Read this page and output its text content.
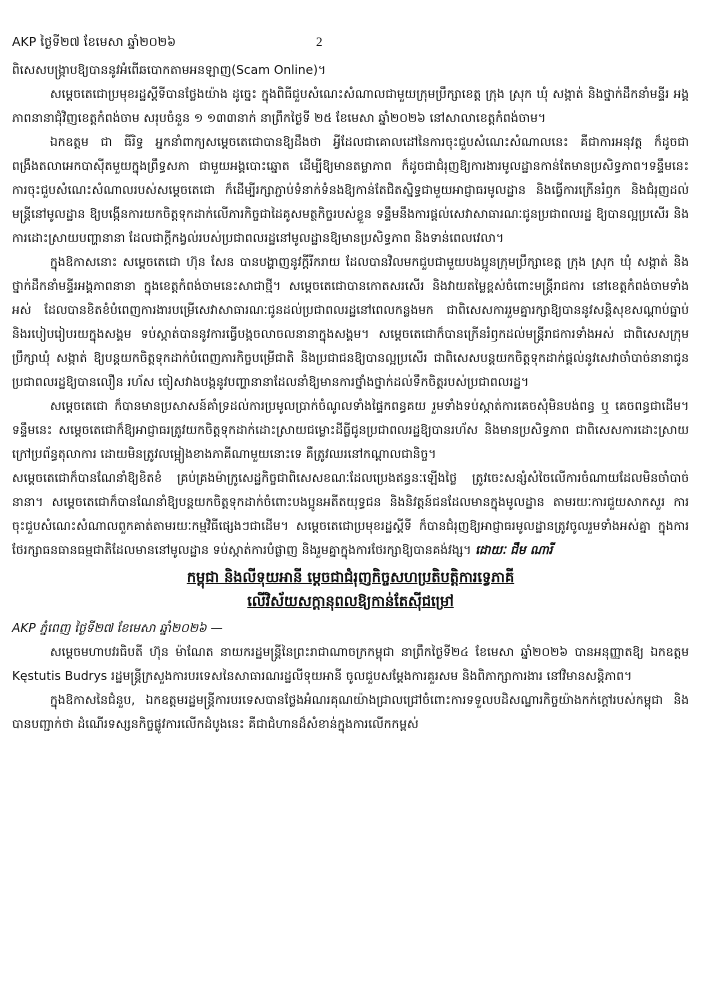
AKP ថ្ងៃទី២៧ ខែមេសា ឆ្នាំ២០២៦	2

ពិសេសបង្ក្រាបឱ្យបាននូវអំពើឆបោកតាមអនឡាញ(Scam Online)។

សម្តេចតេជោប្រមុខរដ្ឋស្តីទីបានថ្លែងយ៉ាង ដូច្នេះ ក្នុងពិធីជួបសំណេះសំណាលជាមួយក្រុមប្រឹក្សាខេត្ត ក្រុង ស្រុក ឃុំ សង្កាត់ និងថ្នាក់ដឹកនាំមន្ទីរ អង្គភាពនានាជុំវិញខេត្តកំពង់ចាម សរុបចំនួន ១ ១៣៣នាក់ នាព្រឹកថ្ងៃទី ២៥ ខែមេសា ឆ្នាំ២០២៦ នៅសាលាខេត្តកំពង់ចាម។

ឯកឧត្តម ជា ធីរិទ្ធ អ្នកនាំពាក្យសម្តេចតេជោបានឱ្យដឹងថា អ្វីដែលជាគោលដៅនៃការចុះជួបសំណេះសំណាលនេះ គឺជាការអនុវត្ត ក៏ដូចជាពង្រឹងតលាអេកបាស៊ីតមួយក្នុងព្រឹទ្ធសភា ជាមួយអង្គបោះឆ្នោត ដើម្បីឱ្យមានតម្លាភាព ក៏ដូចជាជំរុញឱ្យការងារមូលដ្ឋានកាន់តែមានប្រសិទ្ធភាព។ទន្ទឹមនេះ ការចុះជួបសំណេះសំណាលរបស់សម្តេចតេជោ ក៏ដើម្បីរក្សាភ្ជាប់ទំនាក់ទំនងឱ្យកាន់តែជិតស្និទ្ធជាមួយអាជ្ញាធរមូលដ្ឋាន និងធ្វើការក្រើនរំឭក និងជំរុញដល់មន្ត្រីនៅមូលដ្ឋាន ឱ្យបង្កើនការយកចិត្តទុកដាក់លើភារកិច្ចជាដៃគូសមត្ថកិច្ចរបស់ខ្លួន ទន្ទឹមនឹងការផ្តល់សេវាសាធារណៈជូនប្រជាពលរដ្ឋ ឱ្យបានល្អប្រសើរ និងការដោះស្រាយបញ្ហានានា ដែលជាក្តីកង្វល់របស់ប្រជាពលរដ្ឋនៅមូលដ្ឋានឱ្យមានប្រសិទ្ធភាព និងទាន់ពេលវេលា។

ក្នុងឱកាសនោះ សម្តេចតេជោ ហ៊ុន សែន បានបង្ហាញនូវក្តីរីករាយ ដែលបានវិលមកជួបជាមួយបងប្អូនក្រុមប្រឹក្សាខេត្ត ក្រុង ស្រុក ឃុំ សង្កាត់ និងថ្នាក់ដឹកនាំមន្ទីរអង្គភាពនានា ក្នុងខេត្តកំពង់ចាមនេះសាជាថ្មី។ សម្តេចតេជោបានកោតសរសើរ និងវាយតម្លៃខ្ពស់ចំពោះមន្ត្រីរាជការ នៅខេត្តកំពង់ចាមទាំងអស់ ដែលបានខិតខំបំពេញការងារបម្រើសេវាសាធារណៈជូនដល់ប្រជាពលរដ្ឋនៅពេលកន្លងមក ជាពិសេសការរួមគ្នារក្សាឱ្យបាននូវសន្តិសុខសណ្តាប់ធ្នាប់ និងរបៀបរៀបរយក្នុងសង្គម ទប់ស្កាត់បាននូវការធ្វើបង្កចលាចលនានាក្នុងសង្គម។ សម្តេចតេជោក៏បានក្រើនរំឭកដល់មន្ត្រីរាជការទាំងអស់ ជាពិសេសក្រុមប្រឹក្សាឃុំ សង្កាត់ ឱ្យបន្តយកចិត្តទុកដាក់បំពេញភារកិច្ចបម្រើជាតិ និងប្រជាជនឱ្យបានល្អប្រសើរ ជាពិសេសបន្តយកចិត្តទុកដាក់ផ្តល់នូវសេវាចាំបាច់នានាជូនប្រជាពលរដ្ឋឱ្យបានលឿន រហ័ស ចៀសវាងបង្កនូវបញ្ហានានាដែលនាំឱ្យមានការថ្នាំងថ្នាក់ដល់ទឹកចិត្តរបស់ប្រជាពលរដ្ឋ។

សម្តេចតេជោ ក៏បានមានប្រសាសន៍គាំទ្រដល់ការប្រមូលប្រាក់ចំណូលទាំងផ្ទៃកពន្ធគយ រួមទាំងទប់ស្កាត់ការគេចសុំមិនបង់ពន្ធ ឬ គេចពន្ធជាដើម។ ទន្ទឹមនេះ សម្តេចតេជោក៏ឱ្យអាជ្ញាធរត្រូវយកចិត្តទុកដាក់ដោះស្រាយជម្លោះដីធ្លីជូនប្រជាពលរដ្ឋឱ្យបានរហ័ស និងមានប្រសិទ្ធភាព ជាពិសេសការដោះស្រាយក្រៅប្រព័ន្ធតុលាការ ដោយមិនត្រូវលម្អៀងខាងភាគីណាមួយនោះទេ គឺត្រូវឈរនៅកណ្តាលជានិច្ច។

សម្តេចតេជោក៏បានណែនាំឱ្យខិតខំ គ្រប់គ្រងម៉ាក្រូសេដ្ឋកិច្ចជាពិសេសខណៈដែលប្រេងឥន្ធនៈឡើងថ្លៃ ត្រូវចេះសន្សំសំចៃលើការចំណាយដែលមិនចាំបាច់នានា។ សម្តេចតេជោក៏បានណែនាំឱ្យបន្តយកចិត្តទុកដាក់ចំពោះបងប្អូនអតីតយុទ្ធជន និងនិវត្តន៍ជនដែលមានក្នុងមូលដ្ឋាន តាមរយៈការជួយសាកសួរ ការចុះជួបសំណេះសំណាលពួកគាត់តាមរយៈកម្មវិធីផ្សេងៗជាដើម។ សម្តេចតេជោប្រមុខរដ្ឋស្តីទី ក៏បានជំរុញឱ្យអាជ្ញាធរមូលដ្ឋានត្រូវចូលរួមទាំងអស់គ្នា ក្នុងការថែរក្សាធនធានធម្មជាតិដែលមាននៅមូលដ្ឋាន ទប់ស្កាត់ការបំផ្លាញ និងរួមគ្នាក្នុងការថែរក្សាឱ្យបានគង់វង្ស។ ដោយៈ ជឹម ណារី

កម្ពុជា និងលីទុយអានី ម្តេចជាជំរុញកិច្ចសហប្រតិបត្តិការទ្វេភាគី
លើវិស័យសក្តានុពលឱ្យកាន់តែស៊ីជម្រៅ

AKP ភ្នំពេញ ថ្ងៃទី២៧ ខែមេសា ឆ្នាំ២០២៦ —

សម្តេចមហាបវរធិបតី ហ៊ុន ម៉ាណែត នាយករដ្ឋមន្ត្រីនៃព្រះរាជាណាចក្រកម្ពុជា នាព្រឹកថ្ងៃទី២៤ ខែមេសា ឆ្នាំ២០២៦ បានអនុញ្ញាតឱ្យ ឯកឧត្តម Kęstutis Budrys រដ្ឋមន្ត្រីក្រសួងការបរទេសនៃសាធារណរដ្ឋលីទុយអានី ចូលជួបសម្តែងការគួរសម និងពិភាក្សាការងារ នៅវិមានសន្តិភាព។

ក្នុងឱកាសនៃជំនួប, ឯកឧត្តមរដ្ឋមន្ត្រីការបរទេសបានថ្លែងអំណរគុណយ៉ាងជ្រាលជ្រៅចំពោះការទទួលបដិសណ្ឋារកិច្ចយ៉ាងកក់ក្តៅរបស់កម្ពុជា និងបានបញ្ជាក់ថា ដំណើរទស្សនកិច្ចផ្លូវការលើកដំបូងនេះ គឺជាជំហានដ៏សំខាន់ក្នុងការលើកកម្ពស់
